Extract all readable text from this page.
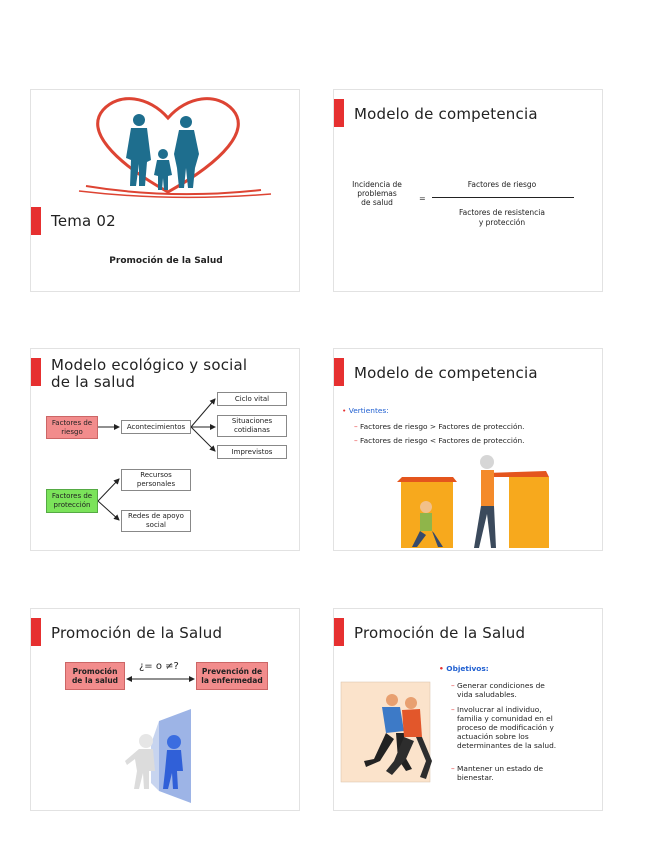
Tema 02
Promoción de la Salud
Modelo de competencia
Incidencia de
problemas
de salud	=
Factores de riesgo
Factores de resistencia
y protección
Modelo ecológico y social
de la salud
Factores de
riesgo
Acontecimientos
Ciclo vital
Situaciones
cotidianas
Imprevistos
Factores de
protección
Recursos
personales
Redes de apoyo
social
Modelo de competencia
• Vertientes:
– Factores de riesgo > Factores de protección.
– Factores de riesgo < Factores de protección.
Promoción de la Salud
Promoción
de la salud
¿= o ≠?	Prevención de
la enfermedad
Promoción de la Salud
• Objetivos:
– Generar condiciones de
vida saludables.
– Involucrar al individuo,
familia y comunidad en el
proceso de modificación y
actuación sobre los
determinantes de la salud.
– Mantener un estado de
bienestar.
